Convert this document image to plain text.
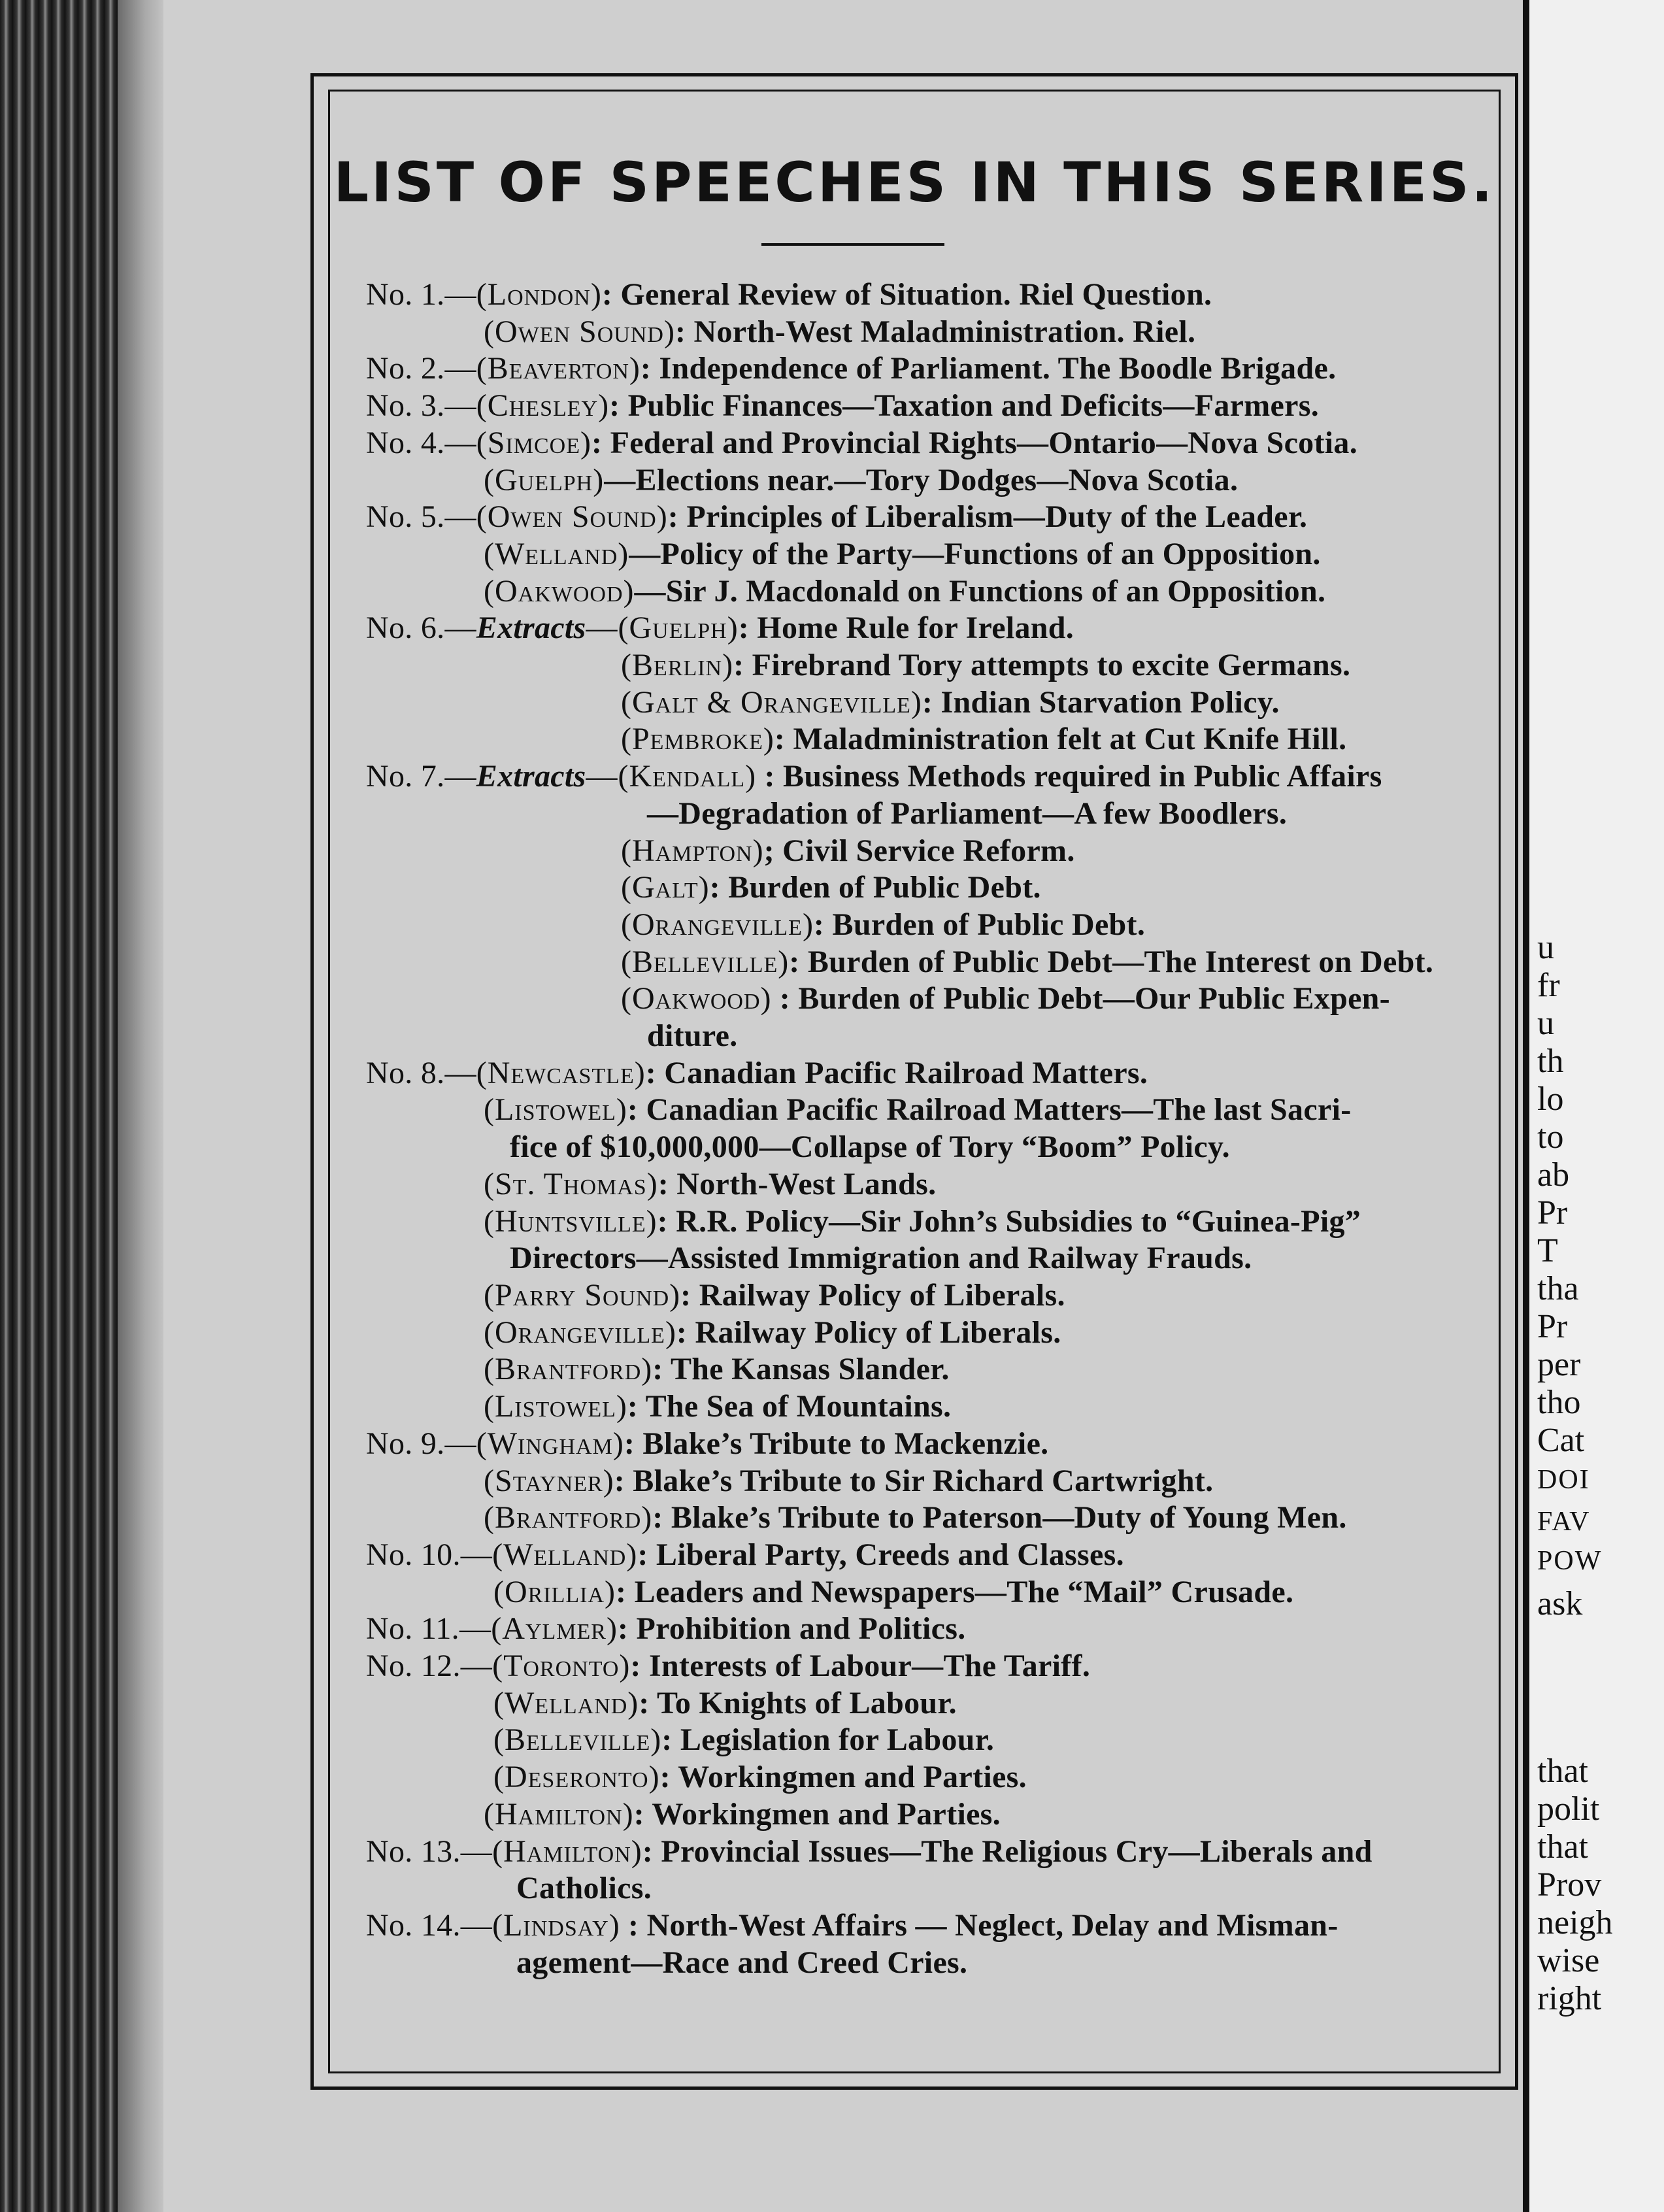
LIST OF SPEECHES IN THIS SERIES.
No. 1.—(London): General Review of Situation. Riel Question.
(Owen Sound): North-West Maladministration. Riel.
No. 2.—(Beaverton): Independence of Parliament. The Boodle Brigade.
No. 3.—(Chesley): Public Finances—Taxation and Deficits—Farmers.
No. 4.—(Simcoe): Federal and Provincial Rights—Ontario—Nova Scotia.
(Guelph)—Elections near.—Tory Dodges—Nova Scotia.
No. 5.—(Owen Sound): Principles of Liberalism—Duty of the Leader.
(Welland)—Policy of the Party—Functions of an Opposition.
(Oakwood)—Sir J. Macdonald on Functions of an Opposition.
No. 6.—Extracts—(Guelph): Home Rule for Ireland.
(Berlin): Firebrand Tory attempts to excite Germans.
(Galt & Orangeville): Indian Starvation Policy.
(Pembroke): Maladministration felt at Cut Knife Hill.
No. 7.—Extracts—(Kendall) : Business Methods required in Public Affairs
—Degradation of Parliament—A few Boodlers.
(Hampton); Civil Service Reform.
(Galt): Burden of Public Debt.
(Orangeville): Burden of Public Debt.
(Belleville): Burden of Public Debt—The Interest on Debt.
(Oakwood) : Burden of Public Debt—Our Public Expen-
diture.
No. 8.—(Newcastle): Canadian Pacific Railroad Matters.
(Listowel): Canadian Pacific Railroad Matters—The last Sacri-
fice of $10,000,000—Collapse of Tory “Boom” Policy.
(St. Thomas): North-West Lands.
(Huntsville): R.R. Policy—Sir John’s Subsidies to “Guinea-Pig”
Directors—Assisted Immigration and Railway Frauds.
(Parry Sound): Railway Policy of Liberals.
(Orangeville): Railway Policy of Liberals.
(Brantford): The Kansas Slander.
(Listowel): The Sea of Mountains.
No. 9.—(Wingham): Blake’s Tribute to Mackenzie.
(Stayner): Blake’s Tribute to Sir Richard Cartwright.
(Brantford): Blake’s Tribute to Paterson—Duty of Young Men.
No. 10.—(Welland): Liberal Party, Creeds and Classes.
(Orillia): Leaders and Newspapers—The “Mail” Crusade.
No. 11.—(Aylmer): Prohibition and Politics.
No. 12.—(Toronto): Interests of Labour—The Tariff.
(Welland): To Knights of Labour.
(Belleville): Legislation for Labour.
(Deseronto): Workingmen and Parties.
(Hamilton): Workingmen and Parties.
No. 13.—(Hamilton): Provincial Issues—The Religious Cry—Liberals and
Catholics.
No. 14.—(Lindsay) : North-West Affairs — Neglect, Delay and Misman-
agement—Race and Creed Cries.
u
fr
u
th
lo
to
ab
Pr
T
tha
Pr
per
tho
Cat
DOI
FAV
POW
ask
that
polit
that
Prov
neigh
wise
right
